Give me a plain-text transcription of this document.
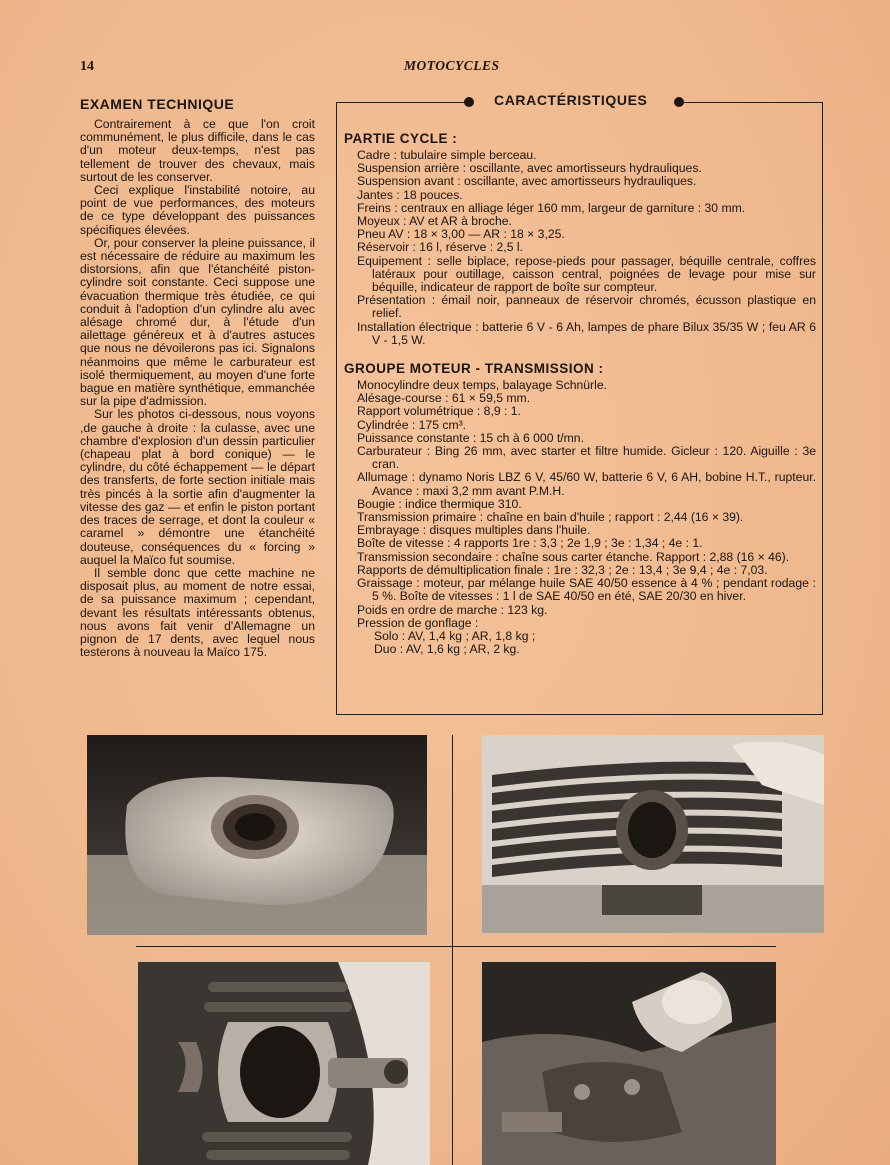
14	MOTOCYCLES
EXAMEN TECHNIQUE

Contrairement à ce que l'on croit communément, le plus difficile, dans le cas d'un moteur deux-temps, n'est pas tellement de trouver des chevaux, mais surtout de les conserver.

Ceci explique l'instabilité notoire, au point de vue performances, des moteurs de ce type développant des puissances spécifiques élevées.

Or, pour conserver la pleine puissance, il est nécessaire de réduire au maximum les distorsions, afin que l'étanchéité piston-cylindre soit constante. Ceci suppose une évacuation thermique très étudiée, ce qui conduit à l'adoption d'un cylindre alu avec alésage chromé dur, à l'étude d'un ailettage généreux et à d'autres astuces que nous ne dévoilerons pas ici. Signalons néanmoins que même le carburateur est isolé thermiquement, au moyen d'une forte bague en matière synthétique, emmanchée sur la pipe d'admission.

Sur les photos ci-dessous, nous voyons ,de gauche à droite : la culasse, avec une chambre d'explosion d'un dessin particulier (chapeau plat à bord conique) — le cylindre, du côté échappement — le départ des transferts, de forte section initiale mais très pincés à la sortie afin d'augmenter la vitesse des gaz — et enfin le piston portant des traces de serrage, et dont la couleur « caramel » démontre une étanchéité douteuse, conséquences du « forcing » auquel la Maïco fut soumise.

Il semble donc que cette machine ne disposait plus, au moment de notre essai, de sa puissance maximum ; cependant, devant les résultats intéressants obtenus, nous avons fait venir d'Allemagne un pignon de 17 dents, avec lequel nous testerons à nouveau la Maïco 175.

CARACTÉRISTIQUES
PARTIE CYCLE :
Cadre : tubulaire simple berceau.
Suspension arrière : oscillante, avec amortisseurs hydrauliques.
Suspension avant : oscillante, avec amortisseurs hydrauliques.
Jantes : 18 pouces.
Freins : centraux en alliage léger 160 mm, largeur de garniture : 30 mm.
Moyeux : AV et AR à broche.
Pneu AV : 18 × 3,00 — AR : 18 × 3,25.
Réservoir : 16 l, réserve : 2,5 l.
Equipement : selle biplace, repose-pieds pour passager, béquille centrale, coffres latéraux pour outillage, caisson central, poignées de levage pour mise sur béquille, indicateur de rapport de boîte sur compteur.
Présentation : émail noir, panneaux de réservoir chromés, écusson plastique en relief.
Installation électrique : batterie 6 V - 6 Ah, lampes de phare Bilux 35/35 W ; feu AR 6 V - 1,5 W.
GROUPE MOTEUR - TRANSMISSION :
Monocylindre deux temps, balayage Schnürle.
Alésage-course : 61 × 59,5 mm.
Rapport volumétrique : 8,9 : 1.
Cylindrée : 175 cm³.
Puissance constante : 15 ch à 6 000 t/mn.
Carburateur : Bing 26 mm, avec starter et filtre humide. Gicleur : 120. Aiguille : 3e cran.
Allumage : dynamo Noris LBZ 6 V, 45/60 W, batterie 6 V, 6 AH, bobine H.T., rupteur. Avance : maxi 3,2 mm avant P.M.H.
Bougie : indice thermique 310.
Transmission primaire : chaîne en bain d'huile ; rapport : 2,44 (16 × 39).
Embrayage : disques multiples dans l'huile.
Boîte de vitesse : 4 rapports 1re : 3,3 ; 2e 1,9 ; 3e : 1,34 ; 4e : 1.
Transmission secondaire : chaîne sous carter étanche. Rapport : 2,88 (16 × 46).
Rapports de démultiplication finale : 1re : 32,3 ; 2e : 13,4 ; 3e 9,4 ; 4e : 7,03.
Graissage : moteur, par mélange huile SAE 40/50 essence à 4 % ; pendant rodage : 5 %. Boîte de vitesses : 1 l de SAE 40/50 en été, SAE 20/30 en hiver.
Poids en ordre de marche : 123 kg.
Pression de gonflage :
Solo : AV, 1,4 kg ; AR, 1,8 kg ;
Duo : AV, 1,6 kg ; AR, 2 kg.
